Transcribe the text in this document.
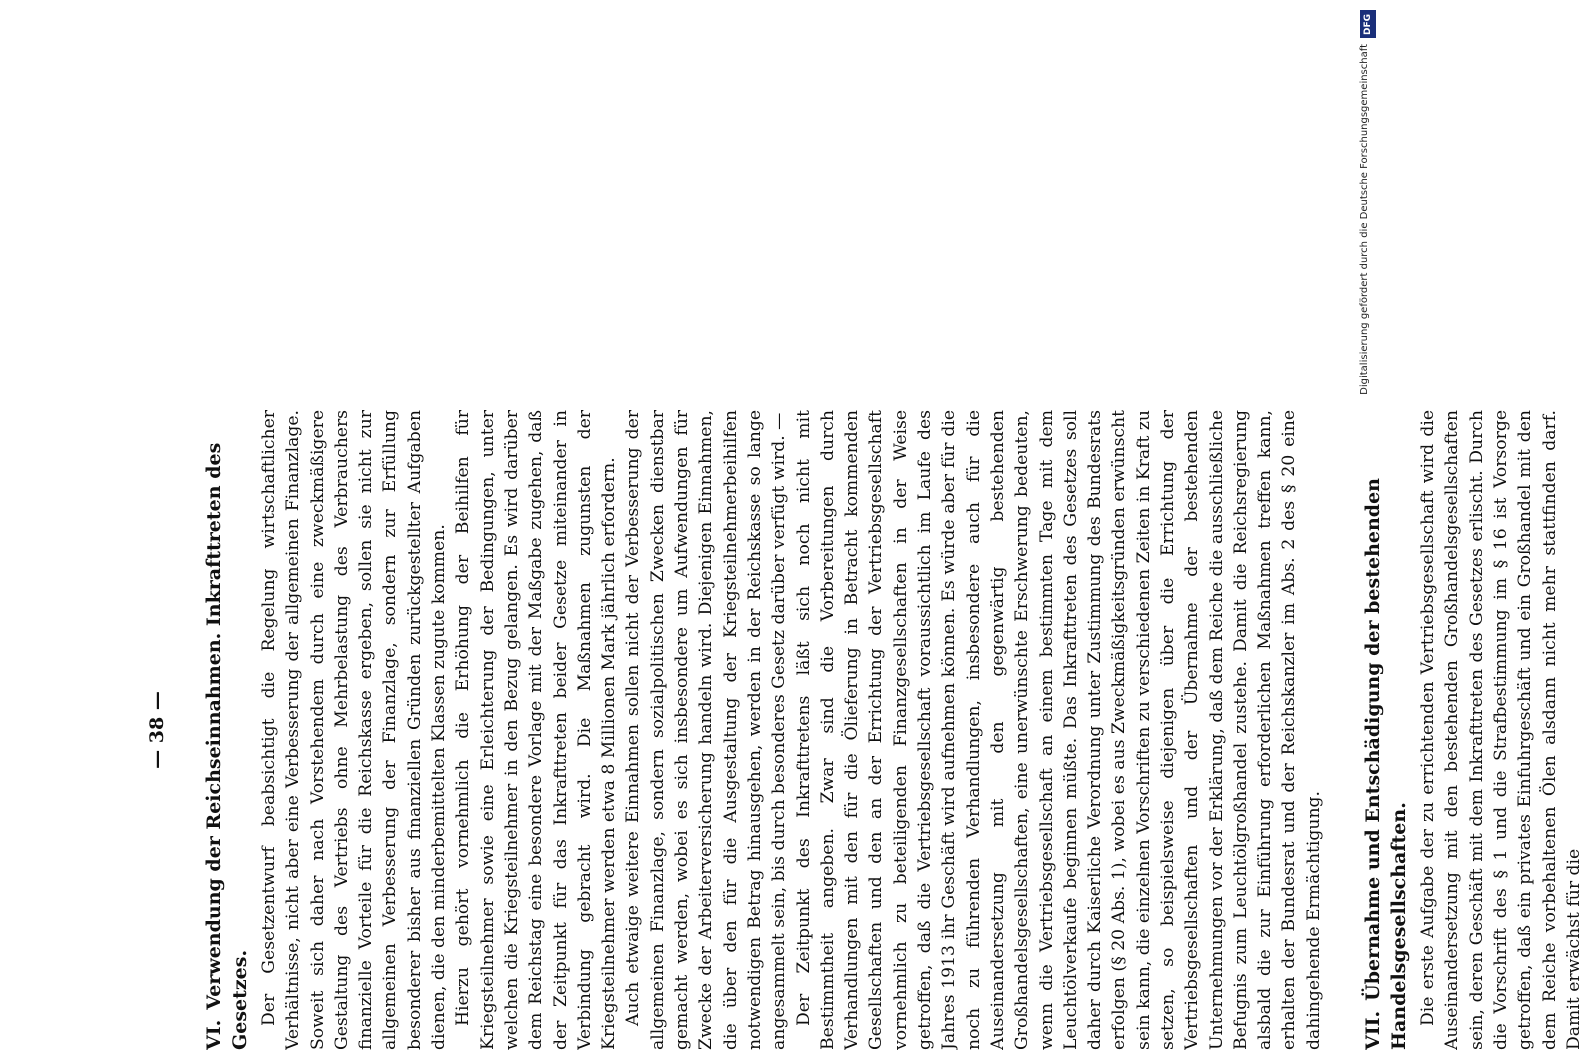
— 38 —
VI.Verwendung der Reichseinnahmen. Inkrafttreten des Gesetzes. Der Gesetzentwurf beabsichtigt die Regelung wirtschaftlicher Verhältnisse, nicht aber eine Verbesserung der allgemeinen Finanzlage. Soweit sich daher nach Vorstehendem durch eine zweckmäßigere Gestaltung des Vertriebs ohne Mehrbelastung des Verbrauchers finanzielle Vorteile für die Reichskasse ergeben, sollen sie nicht zur allgemeinen Verbesserung der Finanzlage, sondern zur Erfüllung besonderer bisher aus finanziellen Gründen zurückgestellter Aufgaben dienen, die den minderbemittelten Klassen zugute kommen. Hierzu gehört vornehmlich die Erhöhung der Beihilfen für Kriegsteilnehmer sowie eine Erleichterung der Bedingungen, unter welchen die Kriegsteilnehmer in den Bezug gelangen. Es wird darüber dem Reichstag eine besondere Vorlage mit der Maßgabe zugehen, daß der Zeitpunkt für das Inkrafttreten beider Gesetze miteinander in Verbindung gebracht wird. Die Maßnahmen zugunsten der Kriegsteilnehmer werden etwa 8 Millionen Mark jährlich erfordern. Auch etwaige weitere Einnahmen sollen nicht der Verbesserung der allgemeinen Finanzlage, sondern sozialpolitischen Zwecken dienstbar gemacht werden, wobei es sich insbesondere um Aufwendungen für Zwecke der Arbeiterversicherung handeln wird. Diejenigen Einnahmen, die über den für die Ausgestaltung der Kriegsteilnehmerbeihilfen notwendigen Betrag hinausgehen, werden in der Reichskasse so lange angesammelt sein, bis durch besonderes Gesetz darüber verfügt wird. — Der Zeitpunkt des Inkrafttretens läßt sich noch nicht mit Bestimmtheit angeben. Zwar sind die Vorbereitungen durch Verhandlungen mit den für die Ölieferung in Betracht kommenden Gesellschaften und den an der Errichtung der Vertriebsgesellschaft vornehmlich zu beteiligenden Finanzgesellschaften in der Weise getroffen, daß die Vertriebsgesellschaft voraussichtlich im Laufe des Jahres 1913 ihr Geschäft wird aufnehmen können. Es würde aber für die noch zu führenden Verhandlungen, insbesondere auch für die Auseinandersetzung mit den gegenwärtig bestehenden Großhandelsgesellschaften, eine unerwünschte Erschwerung bedeuten, wenn die Vertriebsgesellschaft an einem bestimmten Tage mit dem Leuchtölverkaufe beginnen müßte. Das Inkrafttreten des Gesetzes soll daher durch Kaiserliche Verordnung unter Zustimmung des Bundesrats erfolgen (§ 20 Abs. 1), wobei es aus Zweckmäßigkeitsgründen erwünscht sein kann, die einzelnen Vorschriften zu verschiedenen Zeiten in Kraft zu setzen, so beispielsweise diejenigen über die Errichtung der Vertriebsgesellschaften und der Übernahme der bestehenden Unternehmungen vor der Erklärung, daß dem Reiche die ausschließliche Befugnis zum Leuchtölgroßhandel zustehe. Damit die Reichsregierung alsbald die zur Einführung erforderlichen Maßnahmen treffen kann, erhalten der Bundesrat und der Reichskanzler im Abs. 2 des § 20 eine dahingehende Ermächtigung. VII.Übernahme und Entschädigung der bestehenden Handelsgesellschaften. Die erste Aufgabe der zu errichtenden Vertriebsgesellschaft wird die Auseinandersetzung mit den bestehenden Großhandelsgesellschaften sein, deren Geschäft mit dem Inkrafttreten des Gesetzes erlischt. Durch die Vorschrift des § 1 und die Strafbestimmung im § 16 ist Vorsorge getroffen, daß ein privates Einfuhrgeschäft und ein Großhandel mit den dem Reiche vorbehaltenen Ölen alsdann nicht mehr stattfinden darf. Damit erwächst für die

DFG
Digitalisierung gefördert durch die Deutsche Forschungsgemeinschaft
